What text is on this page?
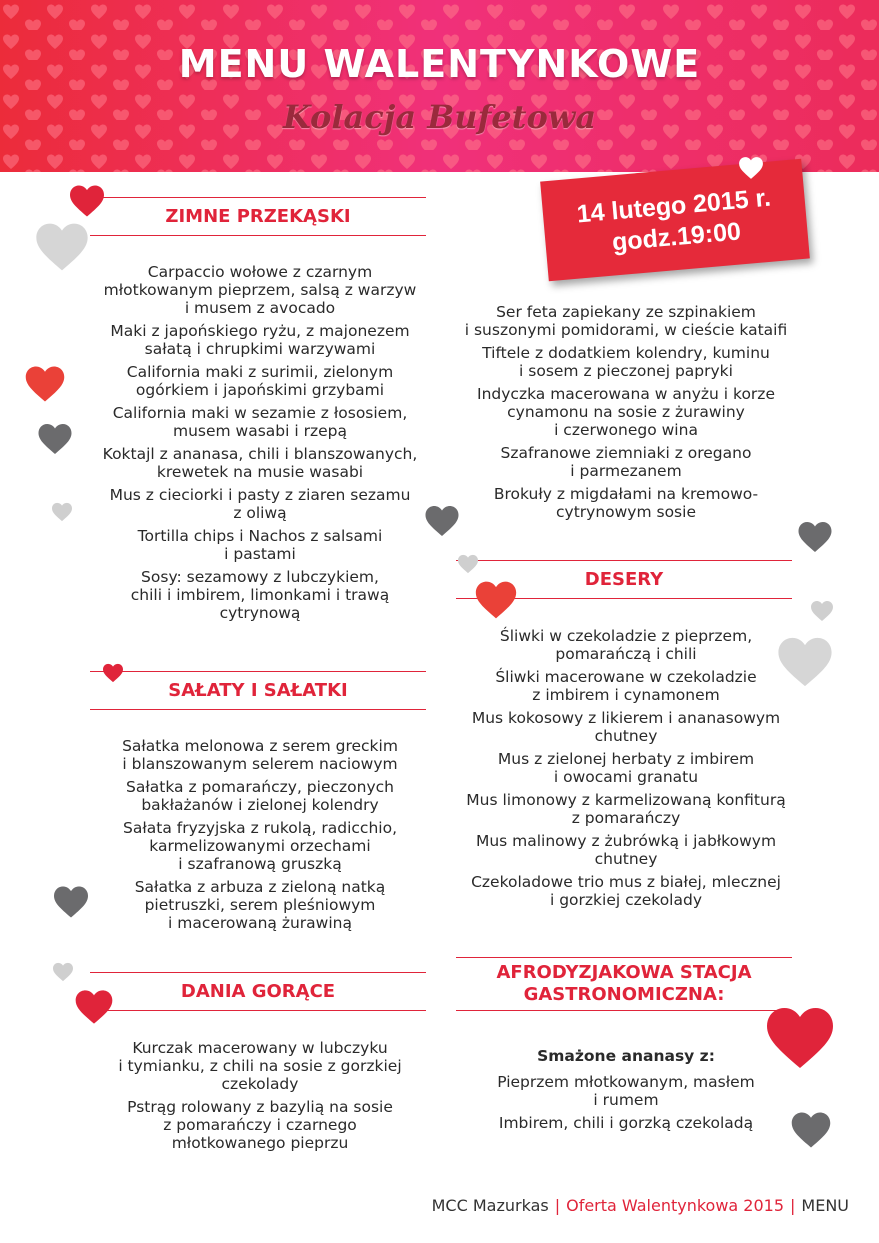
MENU WALENTYNKOWE
Kolacja Bufetowa
14 lutego 2015 r.
godz.19:00
ZIMNE PRZEKĄSKI

Carpaccio wołowe z czarnym
młotkowanym pieprzem, salsą z warzyw
i musem z avocado

Maki z japońskiego ryżu, z majonezem
sałatą i chrupkimi warzywami

California maki z surimii, zielonym
ogórkiem i japońskimi grzybami

California maki w sezamie z łososiem,
musem wasabi i rzepą

Koktajl z ananasa, chili i blanszowanych,
krewetek na musie wasabi

Mus z cieciorki i pasty z ziaren sezamu
z oliwą

Tortilla chips i Nachos z salsami
i pastami

Sosy: sezamowy z lubczykiem,
chili i imbirem, limonkami i trawą
cytrynową

SAŁATY I SAŁATKI

Sałatka melonowa z serem greckim
i blanszowanym selerem naciowym

Sałatka z pomarańczy, pieczonych
bakłażanów i zielonej kolendry

Sałata fryzyjska z rukolą, radicchio,
karmelizowanymi orzechami
i szafranową gruszką

Sałatka z arbuza z zieloną natką
pietruszki, serem pleśniowym
i macerowaną żurawiną

DANIA GORĄCE

Kurczak macerowany w lubczyku
i tymianku, z chili na sosie z gorzkiej
czekolady

Pstrąg rolowany z bazylią na sosie
z pomarańczy i czarnego
młotkowanego pieprzu

Ser feta zapiekany ze szpinakiem
i suszonymi pomidorami, w cieście kataifi

Tiftele z dodatkiem kolendry, kuminu
i sosem z pieczonej papryki

Indyczka macerowana w anyżu i korze
cynamonu na sosie z żurawiny
i czerwonego wina

Szafranowe ziemniaki z oregano
i parmezanem

Brokuły z migdałami na kremowo-
cytrynowym sosie

DESERY

Śliwki w czekoladzie z pieprzem,
pomarańczą i chili

Śliwki macerowane w czekoladzie
z imbirem i cynamonem

Mus kokosowy z likierem i ananasowym
chutney

Mus z zielonej herbaty z imbirem
i owocami granatu

Mus limonowy z karmelizowaną konfiturą
z pomarańczy

Mus malinowy z żubrówką i jabłkowym
chutney

Czekoladowe trio mus z białej, mlecznej
i gorzkiej czekolady

AFRODYZJAKOWA STACJA
GASTRONOMICZNA:

Smażone ananasy z:

Pieprzem młotkowanym, masłem
i rumem

Imbirem, chili i gorzką czekoladą

MCC Mazurkas | Oferta Walentynkowa 2015 | MENU
